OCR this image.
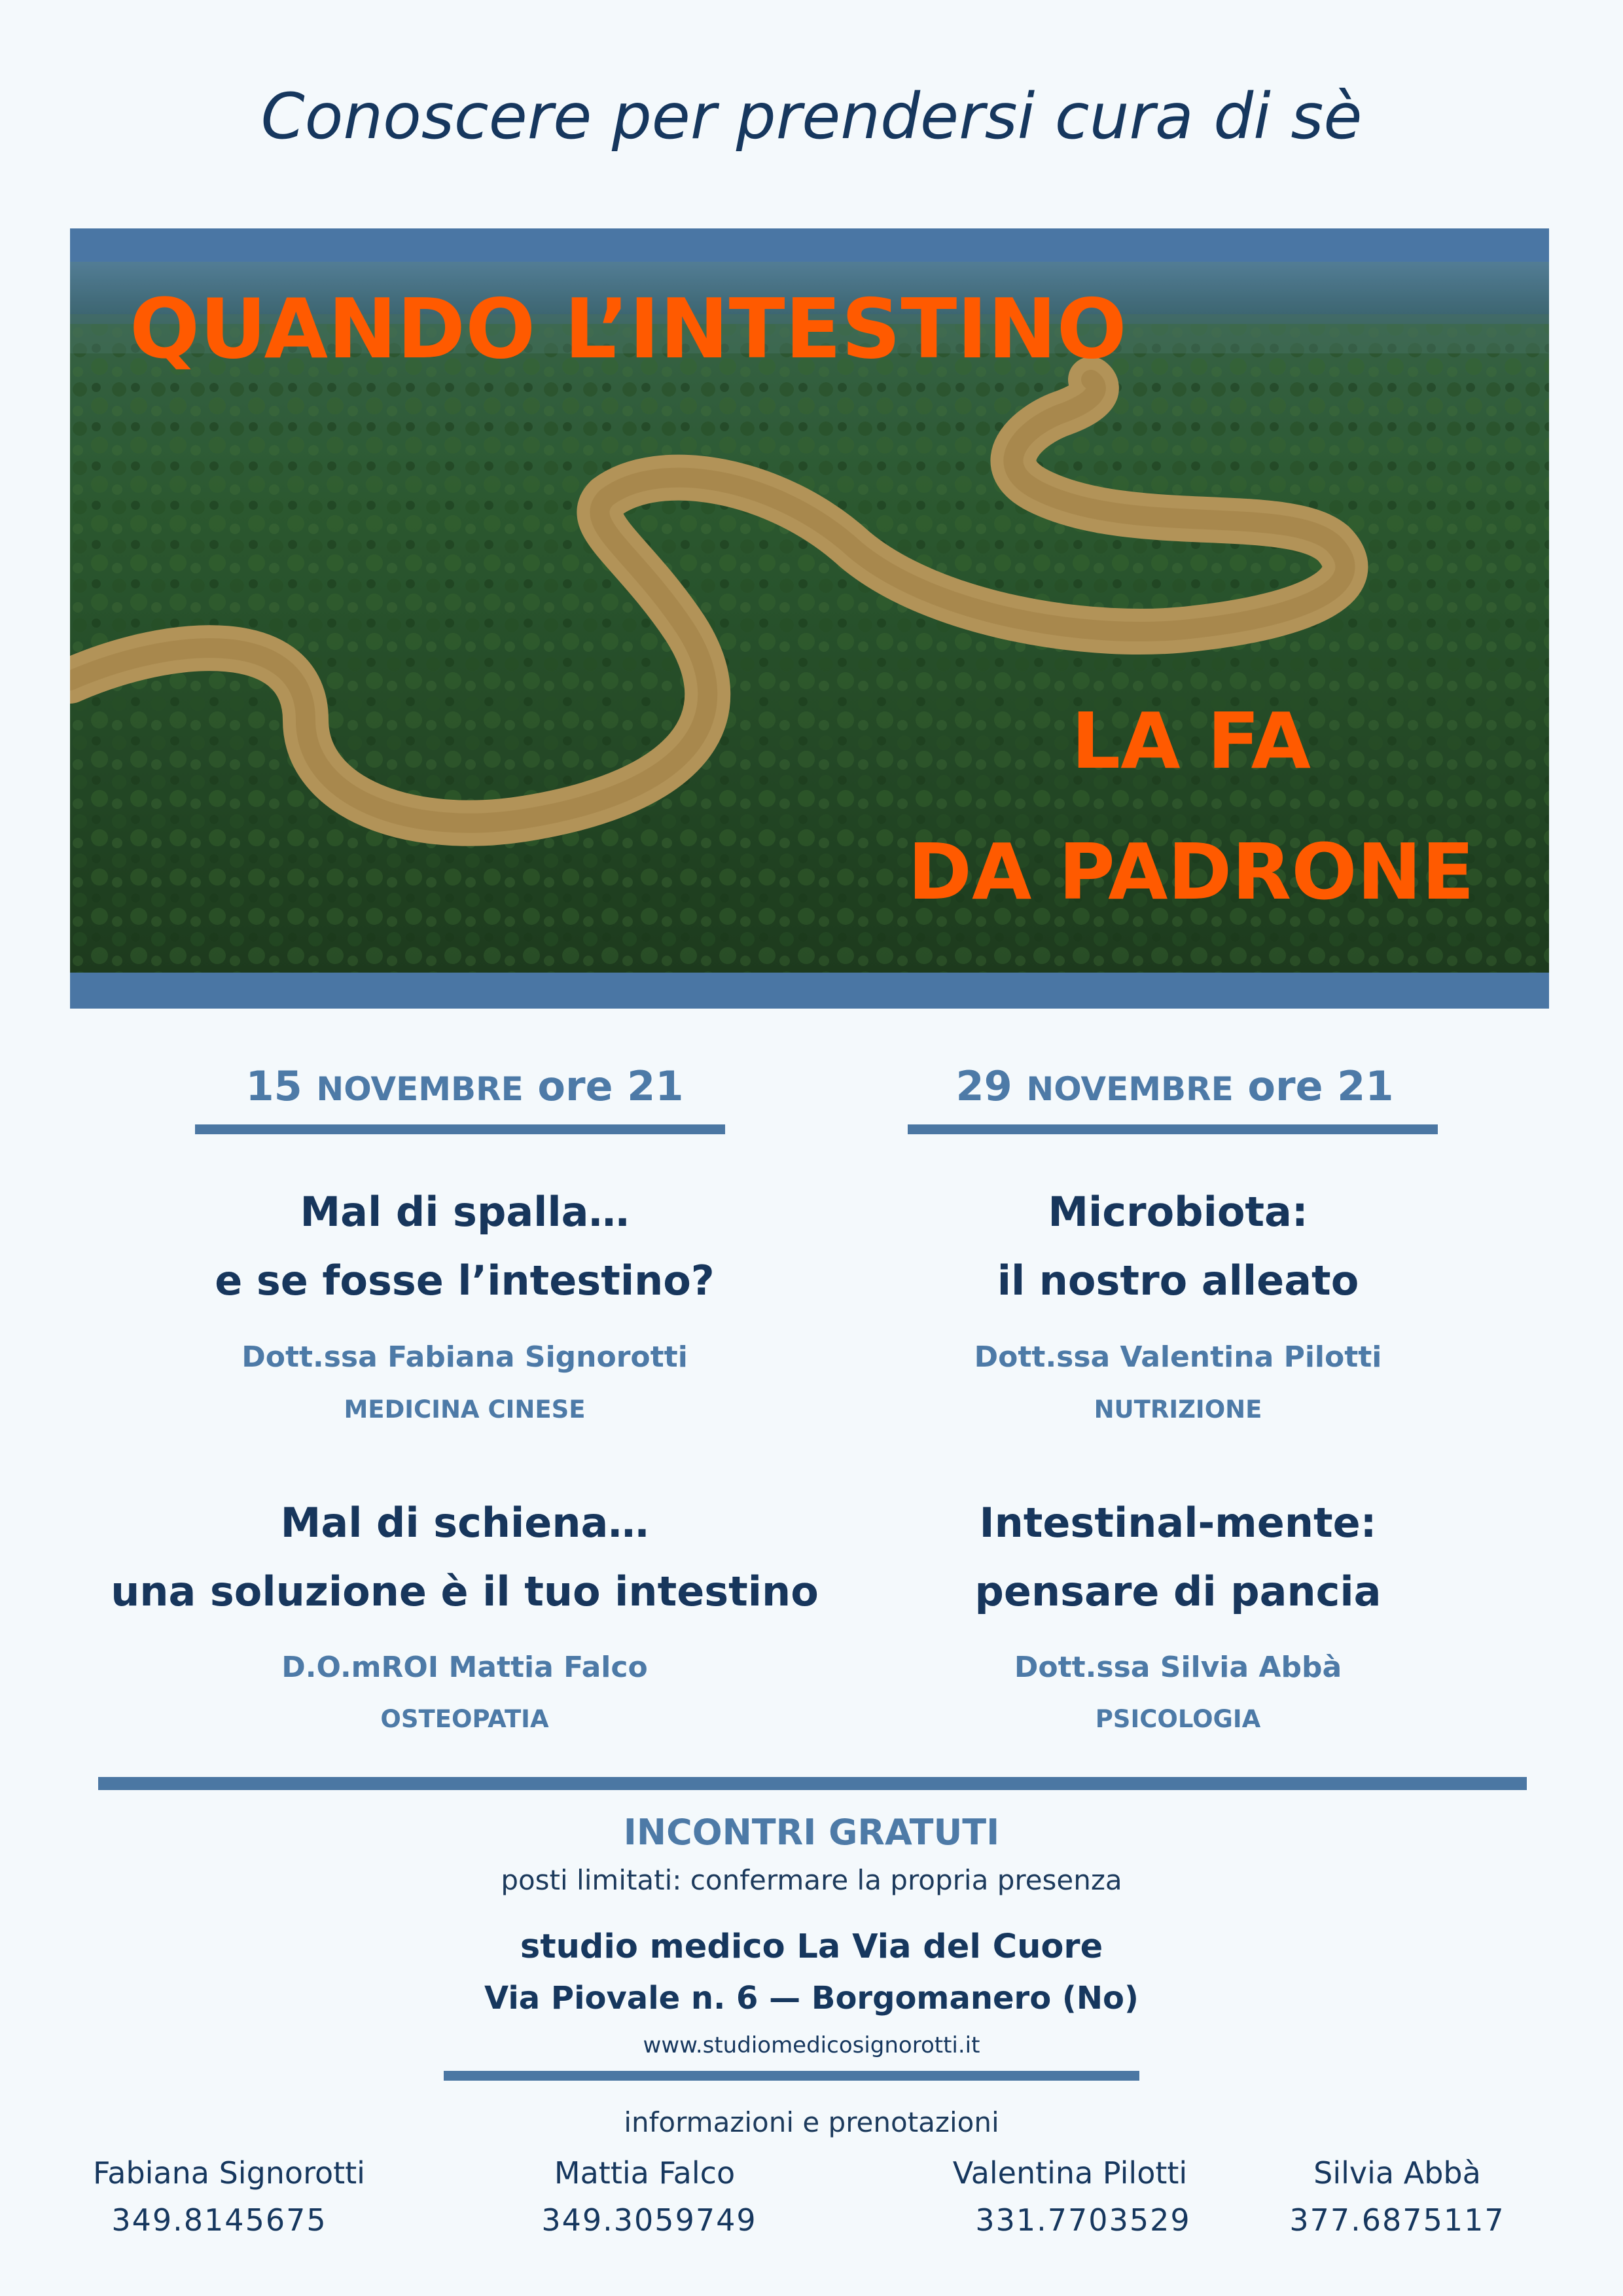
Conoscere per prendersi cura di sè
QUANDO L’INTESTINO
LA FA
DA PADRONE
15 NOVEMBRE ore 21
Mal di spalla…
e se fosse l’intestino?
Dott.ssa Fabiana Signorotti
MEDICINA CINESE
Mal di schiena…
una soluzione è il tuo intestino
D.O.mROI Mattia Falco
OSTEOPATIA
29 NOVEMBRE ore 21
Microbiota:
il nostro alleato
Dott.ssa Valentina Pilotti
NUTRIZIONE
Intestinal-mente:
pensare di pancia
Dott.ssa Silvia Abbà
PSICOLOGIA
INCONTRI GRATUTI
posti limitati: confermare la propria presenza
studio medico La Via del Cuore
Via Piovale n. 6 — Borgomanero (No)
www.studiomedicosignorotti.it
informazioni e prenotazioni
Fabiana Signorotti
349.8145675
Mattia Falco
349.3059749
Valentina Pilotti
331.7703529
Silvia Abbà
377.6875117
